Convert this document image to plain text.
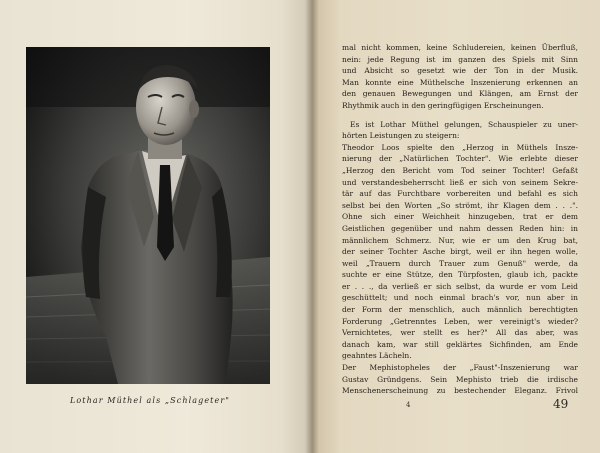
Lothar Müthel als „Schlageter"
mal nicht kommen, keine Schludereien, keinen Überfluß,
nein: jede Regung ist im ganzen des Spiels mit Sinn
und Absicht so gesetzt wie der Ton in der Musik.
Man konnte eine Müthelsche Inszenierung erkennen an
den genauen Bewegungen und Klängen, am Ernst der
Rhythmik auch in den geringfügigen Erscheinungen.
Es ist Lothar Müthel gelungen, Schauspieler zu uner-
hörten Leistungen zu steigern:
Theodor Loos spielte den „Herzog in Müthels Insze-
nierung der „Natürlichen Tochter". Wie erlebte dieser
„Herzog den Bericht vom Tod seiner Tochter! Gefaßt
und verstandesbeherrscht ließ er sich von seinem Sekre-
tär auf das Furchtbare vorbereiten und befahl es sich
selbst bei den Worten „So strömt, ihr Klagen dem . . .".
Ohne sich einer Weichheit hinzugeben, trat er dem
Geistlichen gegenüber und nahm dessen Reden hin: in
männlichem Schmerz. Nur, wie er um den Krug bat,
der seiner Tochter Asche birgt, weil er ihn hegen wolle,
weil „Trauern durch Trauer zum Genuß" werde, da
suchte er eine Stütze, den Türpfosten, glaub ich, packte
er . . ., da verließ er sich selbst, da wurde er vom Leid
geschüttelt; und noch einmal brach's vor, nun aber in
der Form der menschlich, auch männlich berechtigten
Forderung „Getrenntes Leben, wer vereinigt's wieder?
Vernichtetes, wer stellt es her?" All das aber, was
danach kam, war still geklärtes Sichfinden, am Ende
geahntes Lächeln.
Der Mephistopheles der „Faust"-Inszenierung war
Gustav Gründgens. Sein Mephisto trieb die irdische
Menschenerscheinung zu bestechender Eleganz. Frivol
4	49
